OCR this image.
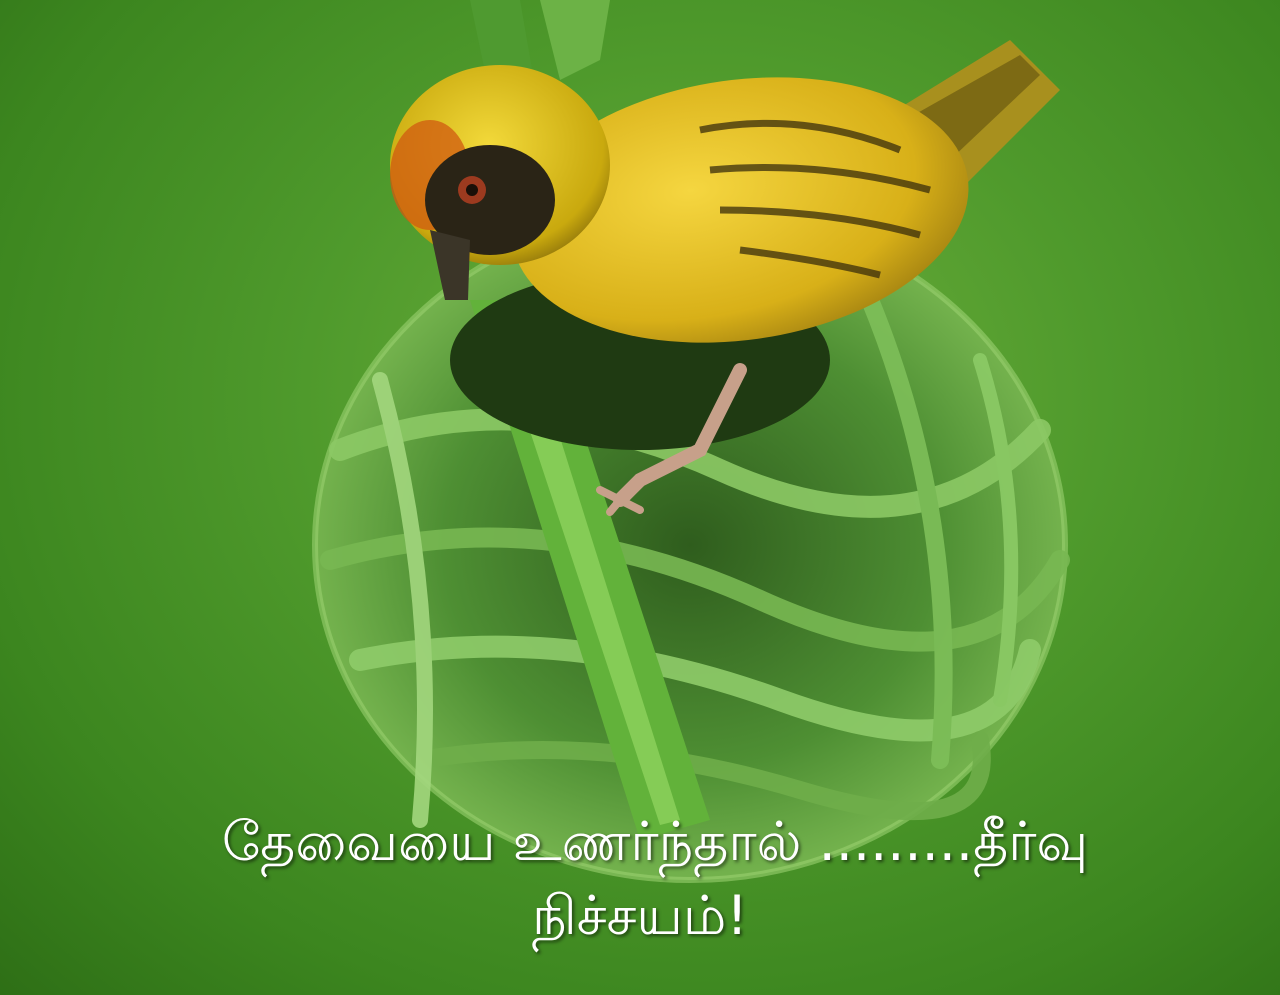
தேவையை உணர்ந்தால் .........தீர்வு
நிச்சயம்!
